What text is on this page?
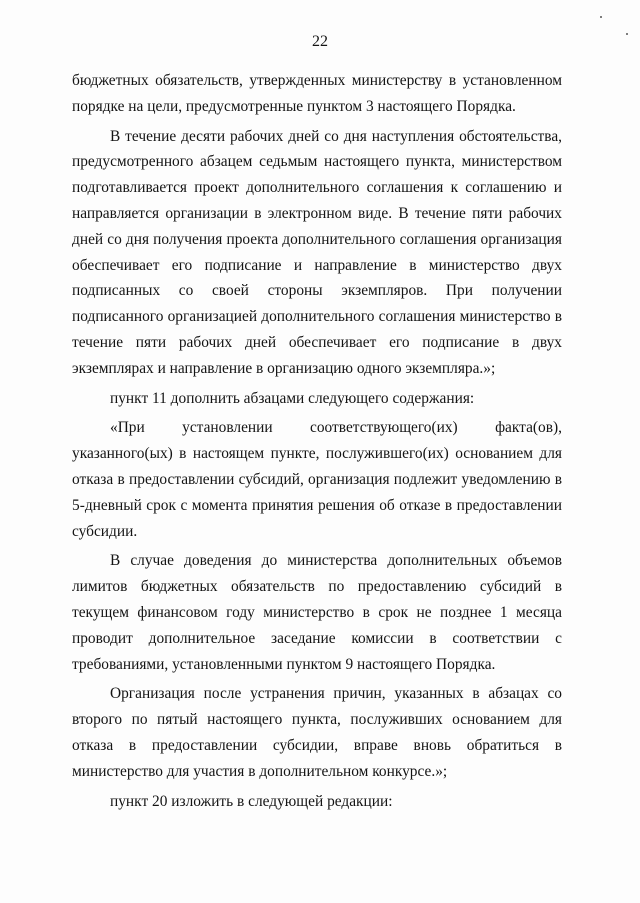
22

бюджетных обязательств, утвержденных министерству в установленном порядке на цели, предусмотренные пунктом 3 настоящего Порядка.

В течение десяти рабочих дней со дня наступления обстоятельства, предусмотренного абзацем седьмым настоящего пункта, министерством подготавливается проект дополнительного соглашения к соглашению и направляется организации в электронном виде. В течение пяти рабочих дней со дня получения проекта дополнительного соглашения организация обеспечивает его подписание и направление в министерство двух подписанных со своей стороны экземпляров. При получении подписанного организацией дополнительного соглашения министерство в течение пяти рабочих дней обеспечивает его подписание в двух экземплярах и направление в организацию одного экземпляра.»;

пункт 11 дополнить абзацами следующего содержания:

«При установлении соответствующего(их) факта(ов),

указанного(ых) в настоящем пункте, послужившего(их) основанием для отказа в предоставлении субсидий, организация подлежит уведомлению в 5-дневный срок с момента принятия решения об отказе в предоставлении субсидии.

В случае доведения до министерства дополнительных объемов лимитов бюджетных обязательств по предоставлению субсидий в текущем финансовом году министерство в срок не позднее 1 месяца проводит дополнительное заседание комиссии в соответствии с требованиями, установленными пунктом 9 настоящего Порядка.

Организация после устранения причин, указанных в абзацах со второго по пятый настоящего пункта, послуживших основанием для отказа в предоставлении субсидии, вправе вновь обратиться в министерство для участия в дополнительном конкурсе.»;

пункт 20 изложить в следующей редакции:
